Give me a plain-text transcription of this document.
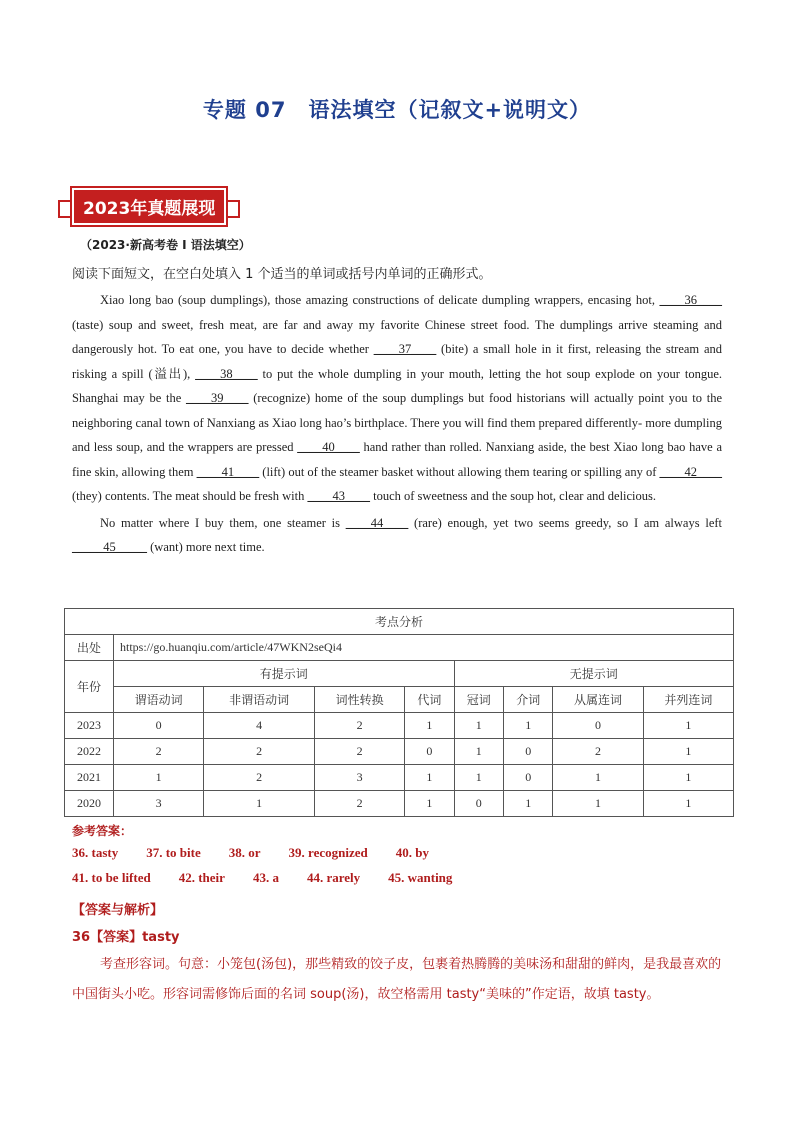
专题 07　语法填空（记叙文+说明文）
2023年真题展现
（2023·新高考卷 I 语法填空）
阅读下面短文，在空白处填入 1 个适当的单词或括号内单词的正确形式。

Xiao long bao (soup dumplings), those amazing constructions of delicate dumpling wrappers, encasing hot, ____36____ (taste) soup and sweet, fresh meat, are far and away my favorite Chinese street food. The dumplings arrive steaming and dangerously hot. To eat one, you have to decide whether ____37____ (bite) a small hole in it first, releasing the stream and risking a spill (溢出), ____38____ to put the whole dumpling in your mouth, letting the hot soup explode on your tongue. Shanghai may be the ____39____ (recognize) home of the soup dumplings but food historians will actually point you to the neighboring canal town of Nanxiang as Xiao long hao’s birthplace. There you will find them prepared differently- more dumpling and less soup, and the wrappers are pressed ____40____ hand rather than rolled. Nanxiang aside, the best Xiao long bao have a fine skin, allowing them ____41____ (lift) out of the steamer basket without allowing them tearing or spilling any of ____42____ (they) contents. The meat should be fresh with ____43____ touch of sweetness and the soup hot, clear and delicious.

No matter where I buy them, one steamer is ____44____ (rare) enough, yet two seems greedy, so I am always left _____45_____ (want) more next time.

考点分析								
出处	https://go.huanqiu.com/article/47WKN2seQi4							
年份	有提示词				无提示词			
	谓语动词	非谓语动词	词性转换	代词	冠词	介词	从属连词	并列连词
2023	0	4	2	1	1	1	0	1
2022	2	2	2	0	1	0	2	1
2021	1	2	3	1	1	0	1	1
2020	3	1	2	1	0	1	1	1
参考答案：
36. tasty 37. to bite 38. or 39. recognized 40. by
41. to be lifted 42. their 43. a 44. rarely 45. wanting
【答案与解析】
36【答案】tasty
考查形容词。句意：小笼包(汤包)，那些精致的饺子皮，包裹着热腾腾的美味汤和甜甜的鲜肉，是我最喜欢的中国街头小吃。形容词需修饰后面的名词 soup(汤)，故空格需用 tasty“美味的”作定语，故填 tasty。
